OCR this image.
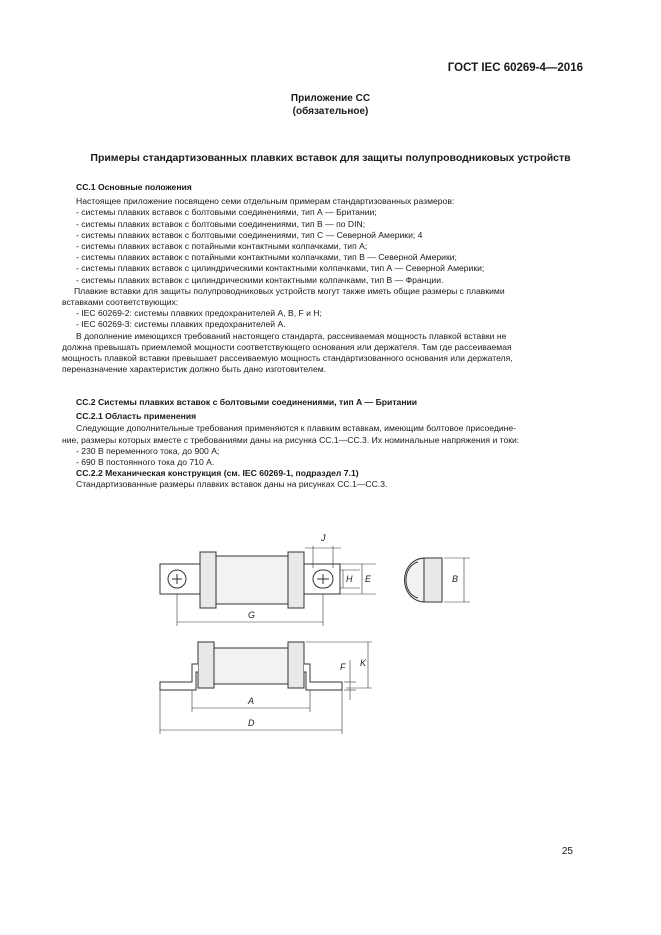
ГОСТ IEC 60269-4—2016
Приложение СС
(обязательное)
Примеры стандартизованных плавких вставок для защиты полупроводниковых устройств
СС.1 Основные положения
Настоящее приложение посвящено семи отдельным примерам стандартизованных размеров:
- системы плавких вставок с болтовыми соединениями, тип А — Британии;
- системы плавких вставок с болтовыми соединениями, тип В — по DIN;
- системы плавких вставок с болтовыми соединениями, тип С — Северной Америки; 4
- системы плавких вставок с потайными контактными колпачками, тип А;
- системы плавких вставок с потайными контактными колпачками, тип В — Северной Америки;
- системы плавких вставок с цилиндрическими контактными колпачками, тип А — Северной Америки;
- системы плавких вставок с цилиндрическими контактными колпачками, тип В — Франции.
Плавкие вставки для защиты полупроводниковых устройств могут также иметь общие размеры с плавкими
вставками соответствующих:
- IEC 60269-2: системы плавких предохранителей А, В, F и Н;
- IEC 60269-3: системы плавких предохранителей А.
В дополнение имеющихся требований настоящего стандарта, рассеиваемая мощность плавкой вставки не
должна превышать приемлемой мощности соответствующего основания или держателя. Там где рассеиваемая
мощность плавкой вставки превышает рассеиваемую мощность стандартизованного основания или держателя,
переназначение характеристик должно быть дано изготовителем.
СС.2 Системы плавких вставок с болтовыми соединениями, тип А — Британии
СС.2.1 Область применения
Следующие дополнительные требования применяются к плавким вставкам, имеющим болтовое присоедине-
ние, размеры которых вместе с требованиями даны на рисунка СС.1—СС.3. Их номинальные напряжения и токи:
- 230 В переменного тока, до 900 А;
- 690 В постоянного тока до 710 А.
СС.2.2 Механическая конструкция (см. IEC 60269-1, подраздел 7.1)
Стандартизованные размеры плавких вставок даны на рисунках СС.1—СС.3.
J
H E	B
G
F K
A
D
25
